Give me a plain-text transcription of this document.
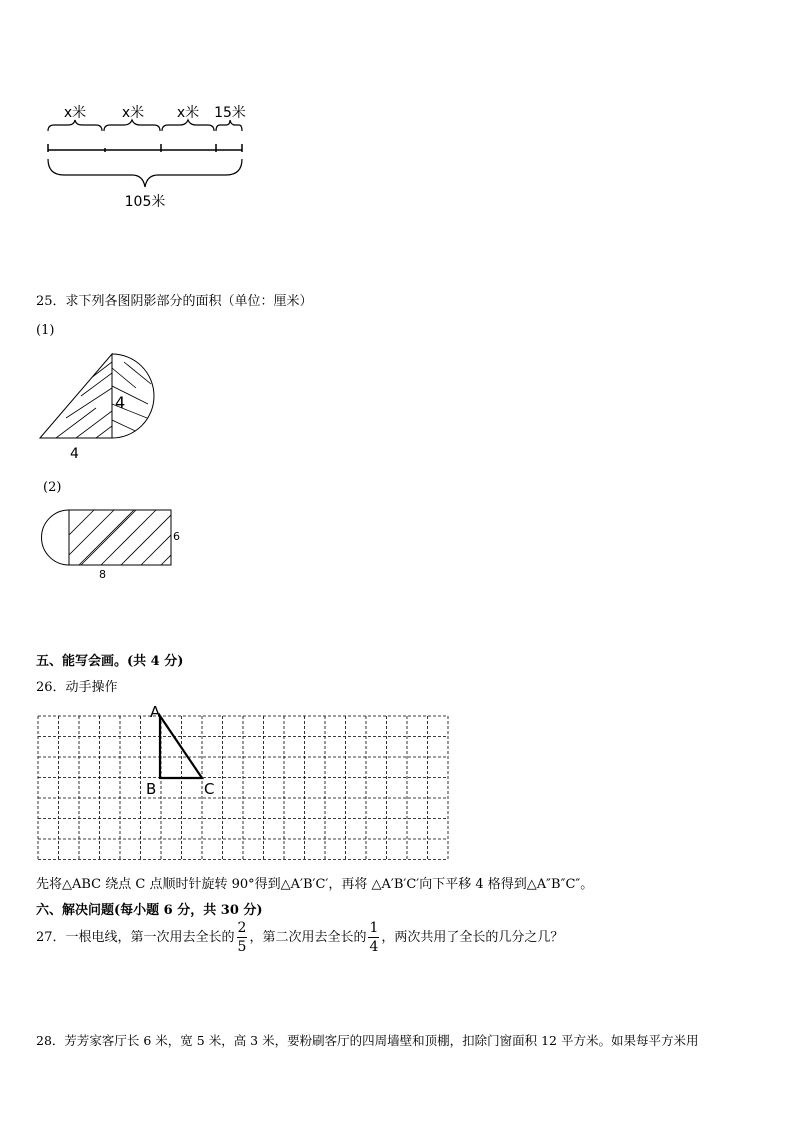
x米	x米 x米 15米
105米
25．求下列各图阴影部分的面积（单位：厘米）
(1)
4
4
(2)
6
8
五、能写会画。(共 4 分)
26．动手操作
A
B	C
先将△ABC 绕点 C 点顺时针旋转 90°得到△A′B′C′，再将 △A′B′C′向下平移 4 格得到△A″B″C″。
六、解决问题(每小题 6 分，共 30 分)
27．一根电线，第一次用去全长的 $\frac{2}{5}$ ，第二次用去全长的 $\frac{1}{4}$ ，两次共用了全长的几分之几？
28．芳芳家客厅长 6 米，宽 5 米，高 3 米，要粉刷客厅的四周墙壁和顶棚，扣除门窗面积 12 平方米。如果每平方米用
